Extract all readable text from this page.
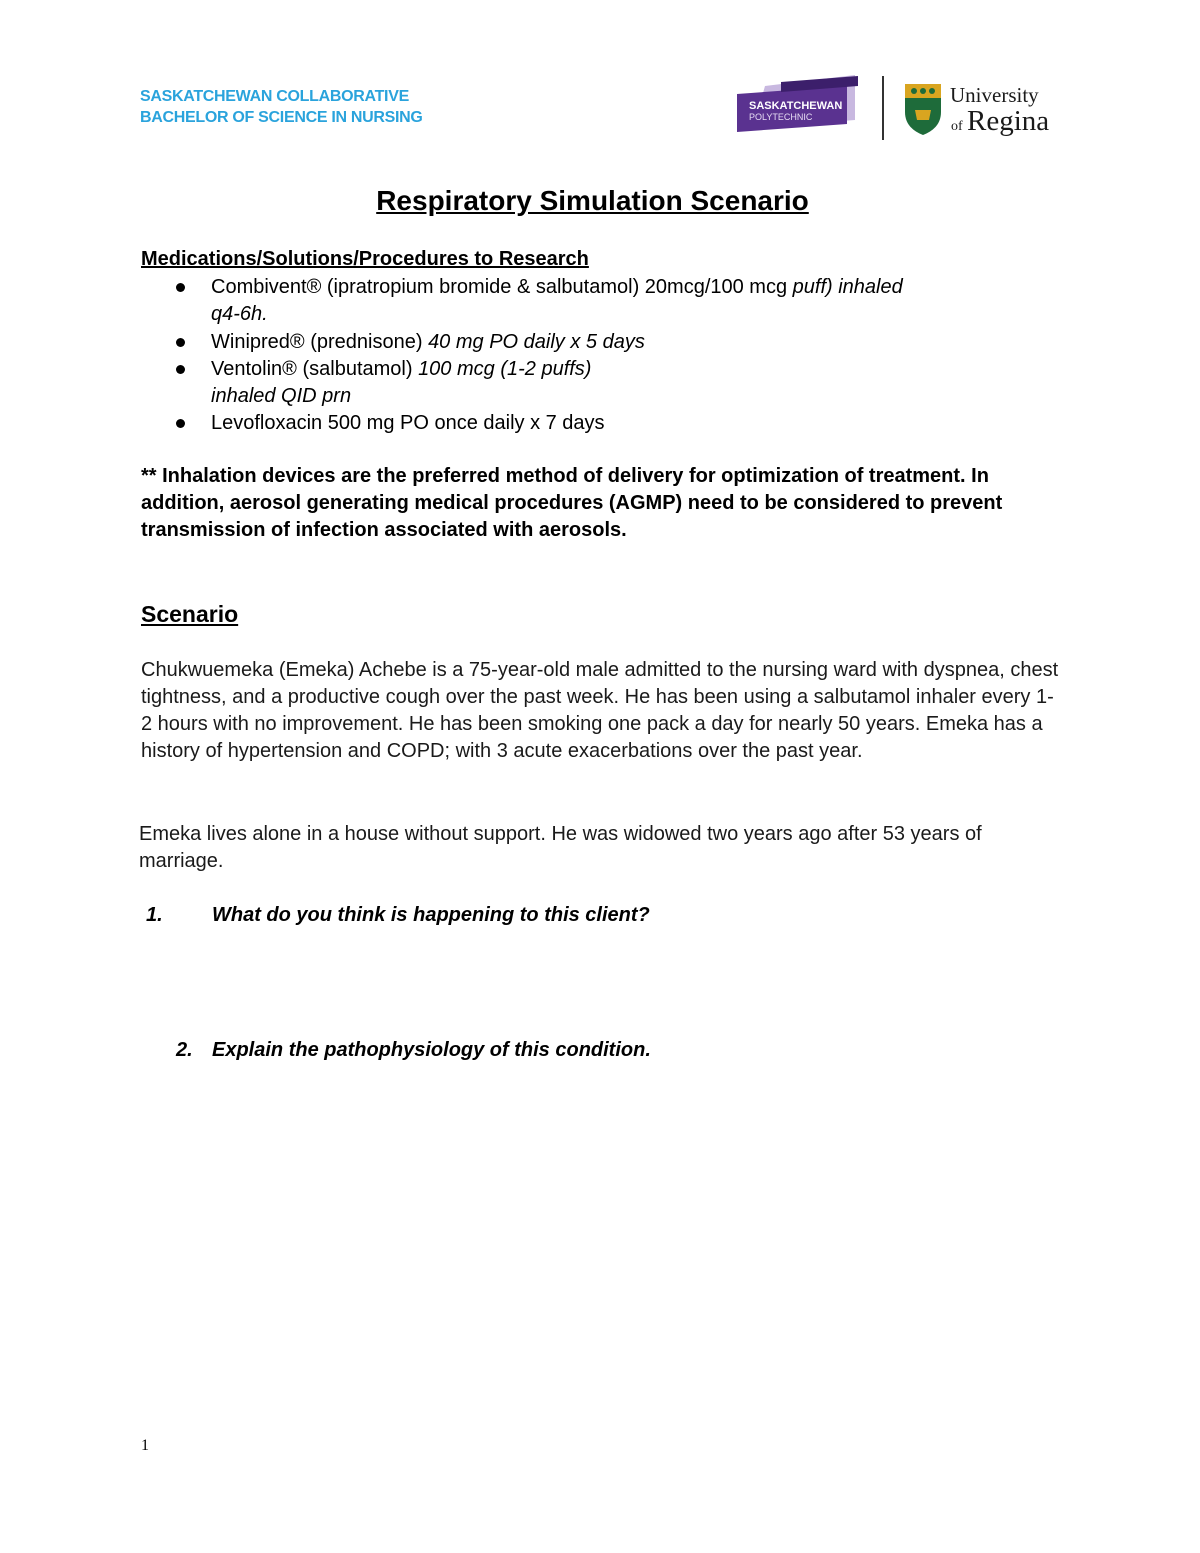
SASKATCHEWAN COLLABORATIVE
BACHELOR OF SCIENCE IN NURSING
SASKATCHEWAN
POLYTECHNIC
University
of Regina
Respiratory Simulation Scenario
Medications/Solutions/Procedures to Research
Combivent® (ipratropium bromide & salbutamol) 20mcg/100 mcg puff) inhaled
q4-6h.
Winipred® (prednisone) 40 mg PO daily x 5 days
Ventolin® (salbutamol) 100 mcg (1-2 puffs)
inhaled QID prn
Levofloxacin 500 mg PO once daily x 7 days
** Inhalation devices are the preferred method of delivery for optimization of treatment. In addition, aerosol generating medical procedures (AGMP) need to be considered to prevent transmission of infection associated with aerosols.
Scenario
Chukwuemeka (Emeka) Achebe is a 75-year-old male admitted to the nursing ward with dyspnea, chest tightness, and a productive cough over the past week. He has been using a salbutamol inhaler every 1-2 hours with no improvement. He has been smoking one pack a day for nearly 50 years. Emeka has a history of hypertension and COPD; with 3 acute exacerbations over the past year.
Emeka lives alone in a house without support. He was widowed two years ago after 53 years of marriage.
1. What do you think is happening to this client?
2. Explain the pathophysiology of this condition.
1
